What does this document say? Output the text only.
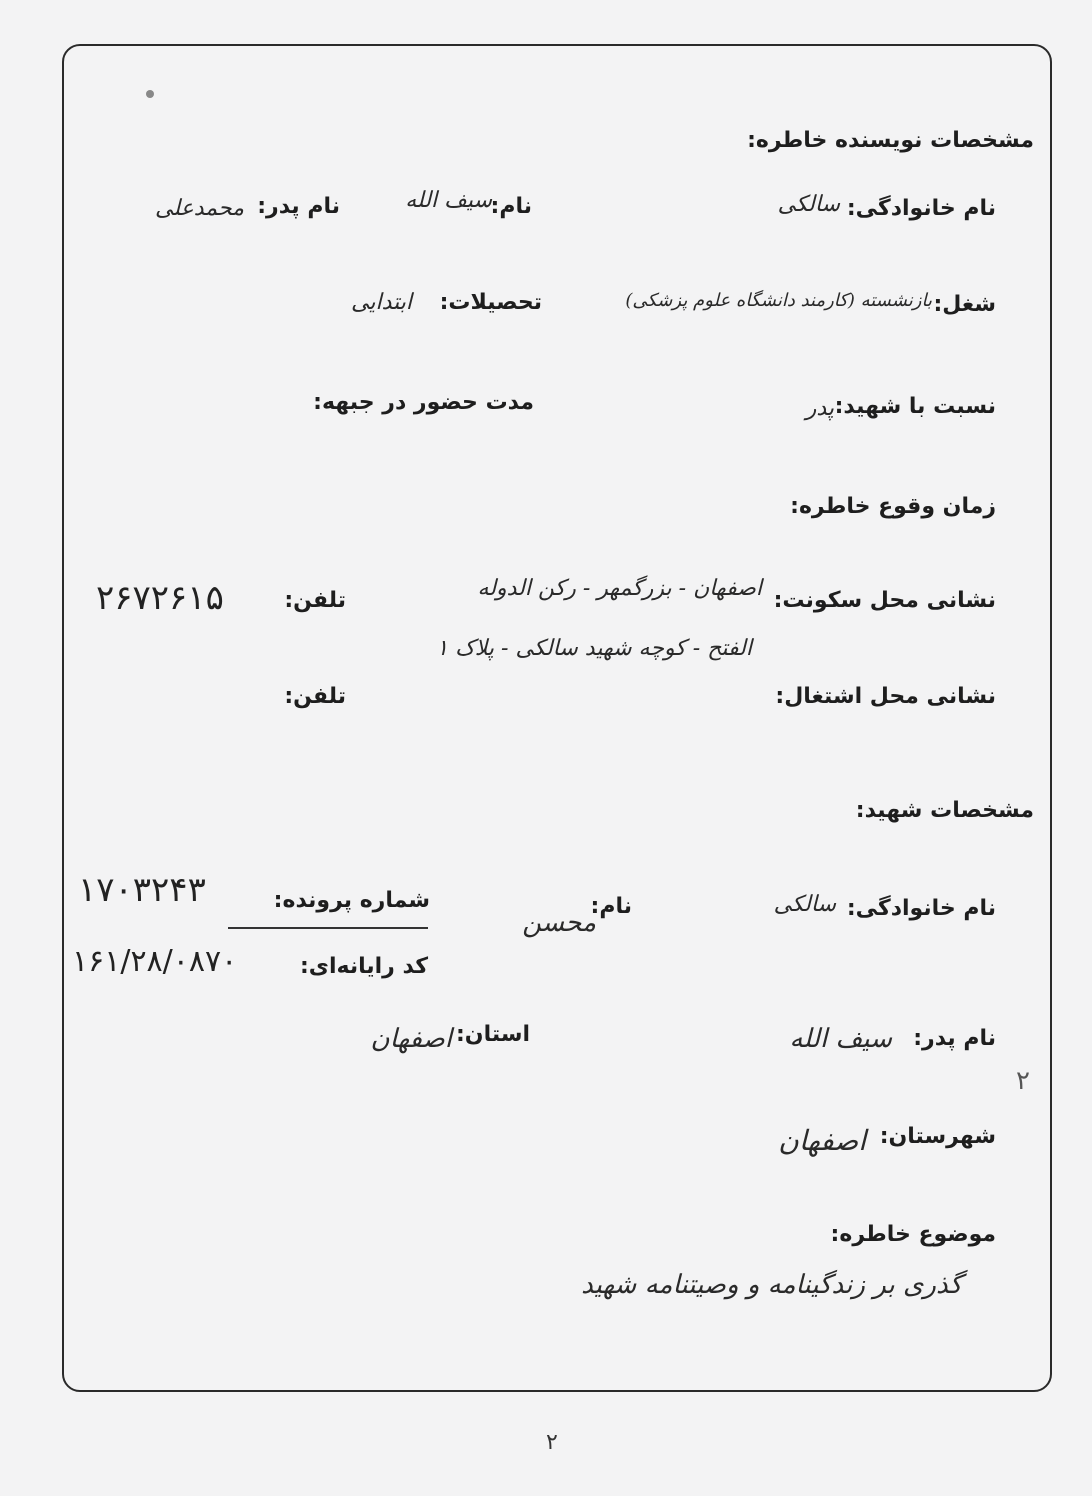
مشخصات نویسنده خاطره:
نام خانوادگی:
سالکی
نام:
سیف الله
نام پدر:
محمدعلی
شغل:
بازنشسته (کارمند دانشگاه علوم پزشکی)
تحصیلات:
ابتدایی
نسبت با شهید:
پدر
مدت حضور در جبهه:
زمان وقوع خاطره:
نشانی محل سکونت:
اصفهان - بزرگمهر - رکن الدوله
الفتح - کوچه شهید سالکی - پلاک ۱
تلفن:
۲۶۷۲۶۱۵
نشانی محل اشتغال:
تلفن:
مشخصات شهید:
نام خانوادگی:
سالکی
نام:
محسن
شماره پرونده:
۱۷۰۳۲۴۳
کد رایانه‌ای:
۱۶۱/۲۸/۰۸۷۰
نام پدر:
سیف الله
استان:
اصفهان
شهرستان:
اصفهان
موضوع خاطره:
گذری بر زندگینامه و وصیتنامه شهید
۲
۲
